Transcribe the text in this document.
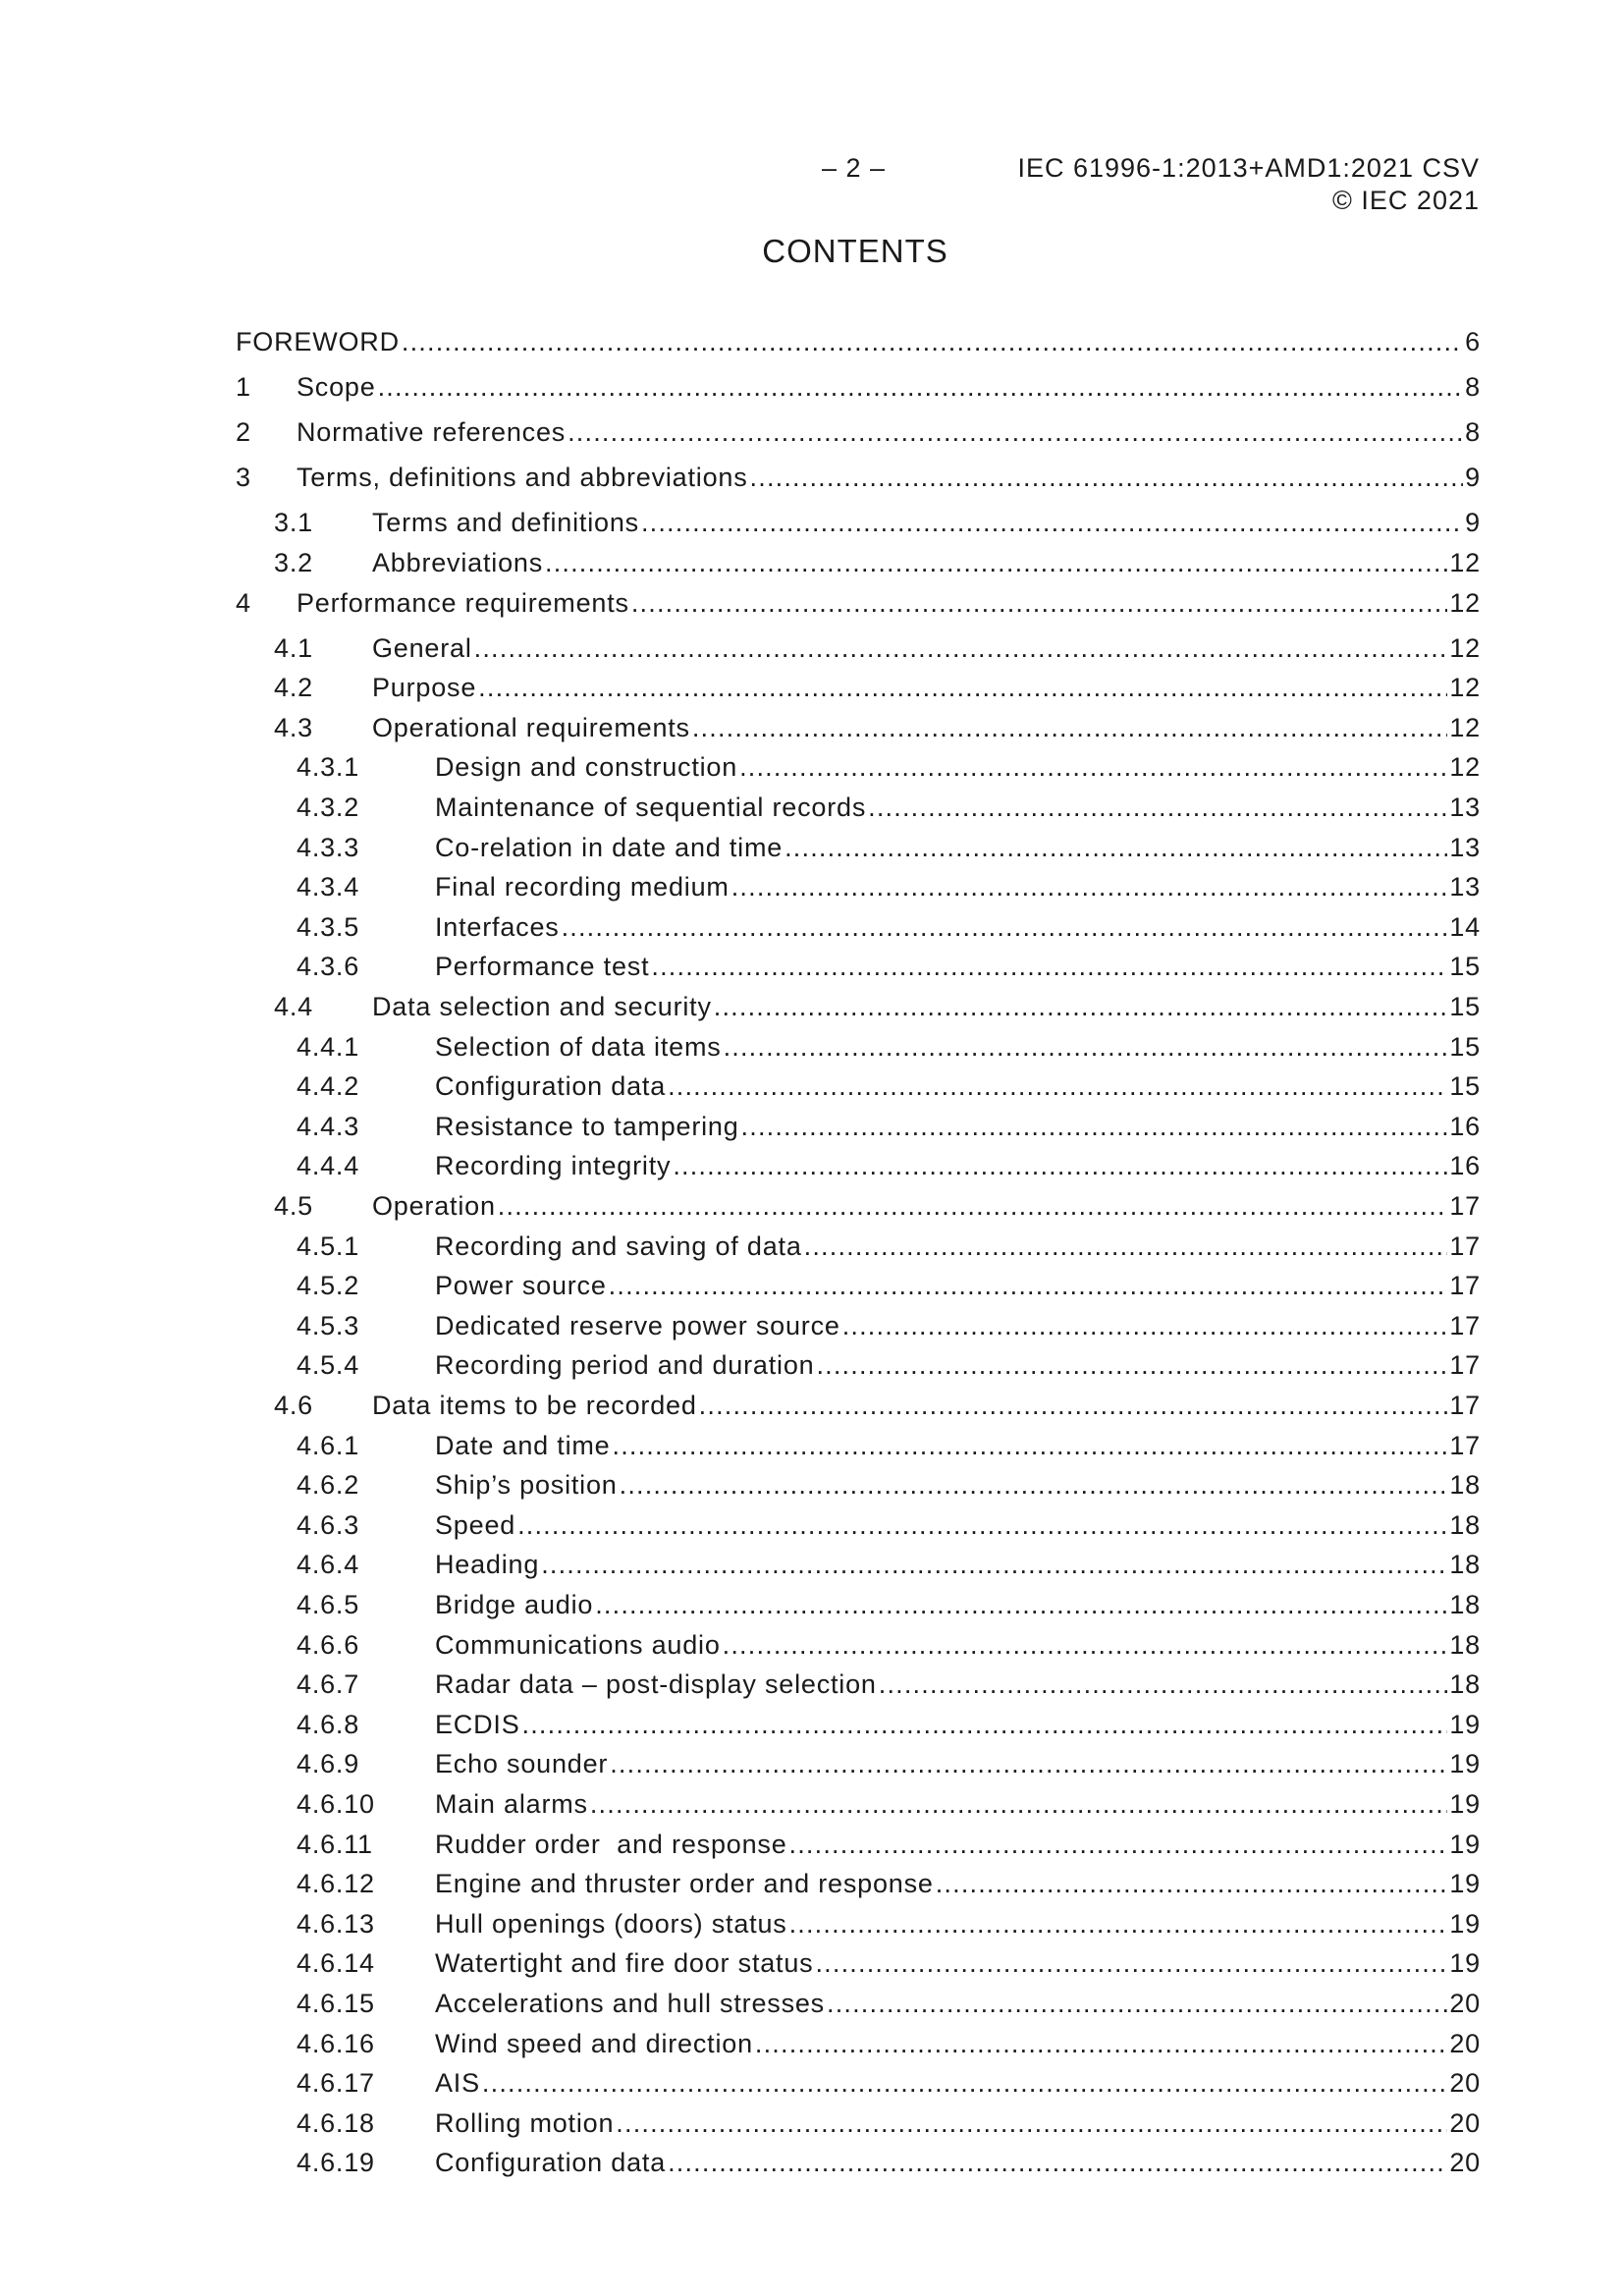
– 2 –	IEC 61996-1:2013+AMD1:2021 CSV
© IEC 2021
CONTENTS
FOREWORD .....	6
1	Scope .....	8
2	Normative references .....	8
3	Terms, definitions and abbreviations .....	9
3.1	Terms and definitions .....	9
3.2	Abbreviations .....	12
4	Performance requirements .....	12
4.1	General .....	12
4.2	Purpose .....	12
4.3	Operational requirements .....	12
4.3.1	Design and construction .....	12
4.3.2	Maintenance of sequential records .....	13
4.3.3	Co-relation in date and time .....	13
4.3.4	Final recording medium .....	13
4.3.5	Interfaces .....	14
4.3.6	Performance test .....	15
4.4	Data selection and security .....	15
4.4.1	Selection of data items .....	15
4.4.2	Configuration data .....	15
4.4.3	Resistance to tampering .....	16
4.4.4	Recording integrity .....	16
4.5	Operation .....	17
4.5.1	Recording and saving of data .....	17
4.5.2	Power source .....	17
4.5.3	Dedicated reserve power source .....	17
4.5.4	Recording period and duration .....	17
4.6	Data items to be recorded .....	17
4.6.1	Date and time .....	17
4.6.2	Ship’s position .....	18
4.6.3	Speed .....	18
4.6.4	Heading .....	18
4.6.5	Bridge audio .....	18
4.6.6	Communications audio .....	18
4.6.7	Radar data – post-display selection .....	18
4.6.8	ECDIS .....	19
4.6.9	Echo sounder .....	19
4.6.10	Main alarms .....	19
4.6.11	Rudder order  and response .....	19
4.6.12	Engine and thruster order and response .....	19
4.6.13	Hull openings (doors) status .....	19
4.6.14	Watertight and fire door status .....	19
4.6.15	Accelerations and hull stresses .....	20
4.6.16	Wind speed and direction .....	20
4.6.17	AIS .....	20
4.6.18	Rolling motion .....	20
4.6.19	Configuration data .....	20
